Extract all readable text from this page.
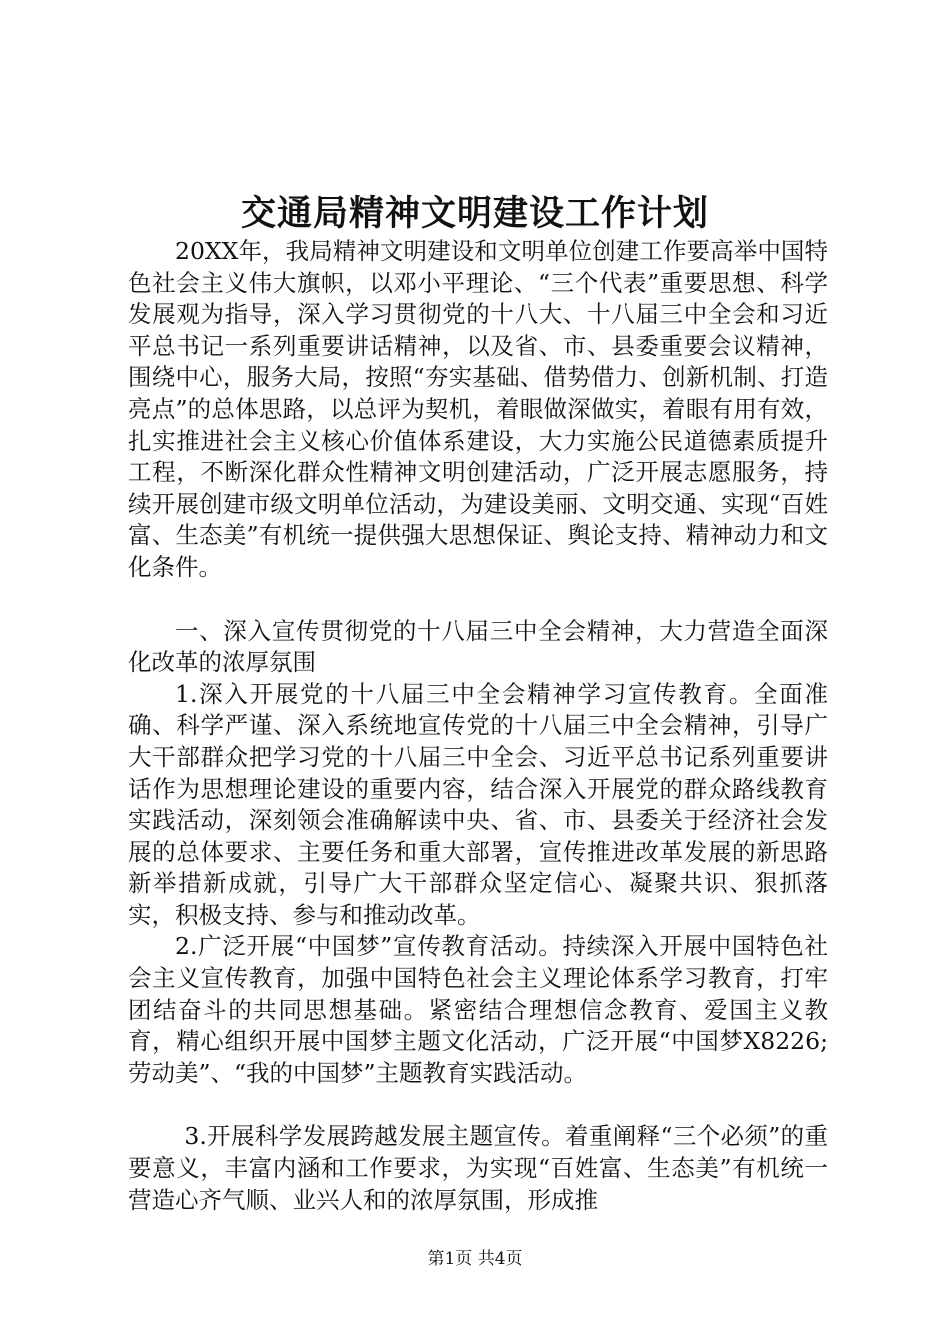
交通局精神文明建设工作计划

20XX年，我局精神文明建设和文明单位创建工作要高举中国特色社会主义伟大旗帜，以邓小平理论、“三个代表”重要思想、科学发展观为指导，深入学习贯彻党的十八大、十八届三中全会和习近平总书记一系列重要讲话精神，以及省、市、县委重要会议精神，围绕中心，服务大局，按照“夯实基础、借势借力、创新机制、打造亮点”的总体思路，以总评为契机，着眼做深做实，着眼有用有效，扎实推进社会主义核心价值体系建设，大力实施公民道德素质提升工程，不断深化群众性精神文明创建活动，广泛开展志愿服务，持续开展创建市级文明单位活动，为建设美丽、文明交通、实现“百姓富、生态美”有机统一提供强大思想保证、舆论支持、精神动力和文化条件。

一、深入宣传贯彻党的十八届三中全会精神，大力营造全面深化改革的浓厚氛围

1.深入开展党的十八届三中全会精神学习宣传教育。全面准确、科学严谨、深入系统地宣传党的十八届三中全会精神，引导广大干部群众把学习党的十八届三中全会、习近平总书记系列重要讲话作为思想理论建设的重要内容，结合深入开展党的群众路线教育实践活动，深刻领会准确解读中央、省、市、县委关于经济社会发展的总体要求、主要任务和重大部署，宣传推进改革发展的新思路新举措新成就，引导广大干部群众坚定信心、凝聚共识、狠抓落实，积极支持、参与和推动改革。

2.广泛开展“中国梦”宣传教育活动。持续深入开展中国特色社会主义宣传教育，加强中国特色社会主义理论体系学习教育，打牢团结奋斗的共同思想基础。紧密结合理想信念教育、爱国主义教育，精心组织开展中国梦主题文化活动，广泛开展“中国梦X8226;劳动美”、“我的中国梦”主题教育实践活动。

3.开展科学发展跨越发展主题宣传。着重阐释“三个必须”的重要意义，丰富内涵和工作要求，为实现“百姓富、生态美”有机统一营造心齐气顺、业兴人和的浓厚氛围，形成推

第1页 共4页
